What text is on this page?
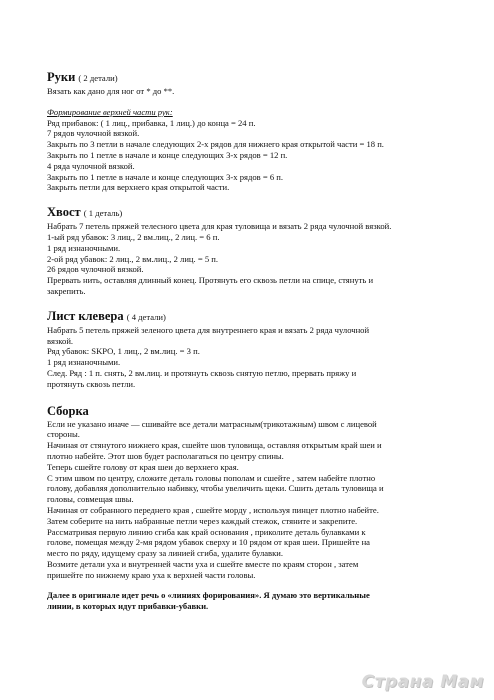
Руки ( 2 детали)
Вязать как дано для ног от * до **.
Формирование верхней части рук:
Ряд прибавок: ( 1 лиц., прибавка, 1 лиц.) до конца = 24 п.
7 рядов чулочной вязкой.
Закрыть по 3 петли в начале следующих 2-х рядов для нижнего края открытой части = 18 п.
Закрыть по 1 петле в начале и конце следующих 3-х рядов = 12 п.
4 ряда чулочной вязкой.
Закрыть по 1 петле в начале и конце следующих 3-х рядов = 6 п.
Закрыть петли для верхнего края открытой части.
Хвост ( 1 деталь)
Набрать 7 петель пряжей телесного цвета для края туловища и вязать 2 ряда чулочной вязкой.
1-ый ряд убавок: 3 лиц., 2 вм.лиц., 2 лиц. = 6 п.
1 ряд изнаночными.
2-ой ряд убавок: 2 лиц., 2 вм.лиц., 2 лиц. = 5 п.
26 рядов чулочной вязкой.
Прервать нить, оставляя длинный конец. Протянуть его сквозь петли на спице, стянуть и
закрепить.
Лист клевера ( 4 детали)
Набрать 5 петель пряжей зеленого цвета для внутреннего края и вязать 2 ряда чулочной
вязкой.
Ряд убавок: SKPO, 1 лиц., 2 вм.лиц. = 3 п.
1 ряд изнаночными.
След. Ряд : 1 п. снять, 2 вм.лиц. и протянуть сквозь снятую петлю, прервать пряжу и
протянуть сквозь петли.
Сборка
Если не указано иначе — сшивайте все детали матрасным(трикотажным) швом с лицевой
стороны.
Начиная от стянутого нижнего края, сшейте шов туловища, оставляя открытым край шеи и
плотно набейте. Этот шов будет располагаться по центру спины.
Теперь сшейте голову от края шеи до верхнего края.
С этим швом по центру, сложите деталь головы пополам и сшейте , затем набейте плотно
голову, добавляя дополнительно набивку, чтобы увеличить щеки. Сшить деталь туловища и
головы, совмещая швы.
Начиная от собранного переднего края , сшейте морду , используя пинцет плотно набейте.
Затем соберите на нить набранные петли через каждый стежок, стяните и закрепите.
Рассматривая первую линию сгиба как край основания , приколите деталь булавками к
голове, помещая между 2-мя рядом убавок сверху и 10 рядом от края шеи. Пришейте на
место по ряду, идущему сразу за линией сгиба, удалите булавки.
Возмите детали уха и внутренней части уха и сшейте вместе по краям сторон , затем
пришейте по нижнему краю уха к верхней части головы.
Далее в оригинале идет речь о «линиях форирования». Я думаю это вертикальные
линии, в которых идут прибавки-убавки.
Страна Мам
